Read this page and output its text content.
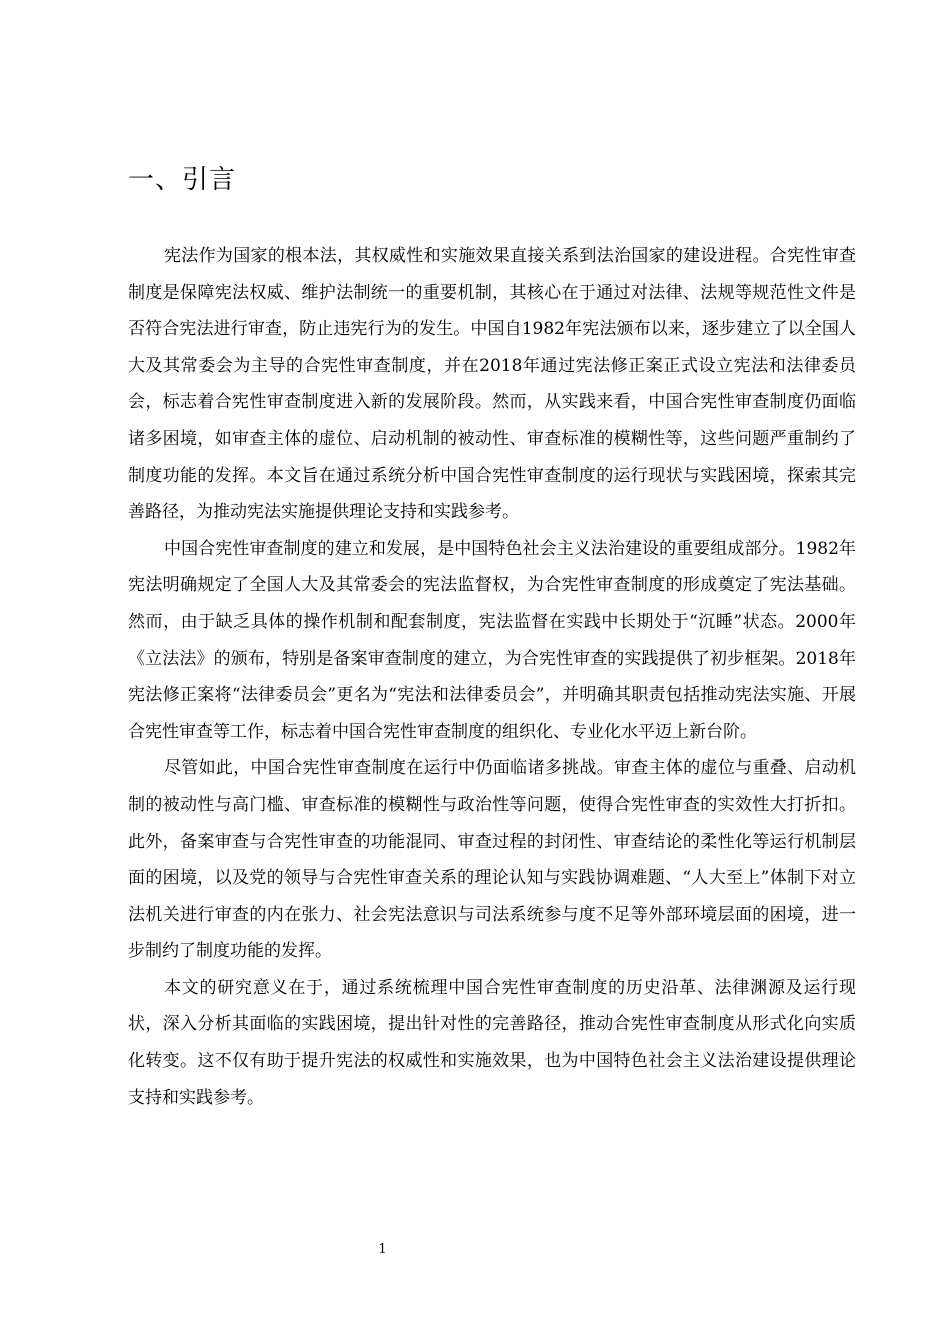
一、引言

宪法作为国家的根本法，其权威性和实施效果直接关系到法治国家的建设进程。合宪性审查制度是保障宪法权威、维护法制统一的重要机制，其核心在于通过对法律、法规等规范性文件是否符合宪法进行审查，防止违宪行为的发生。中国自1982年宪法颁布以来，逐步建立了以全国人大及其常委会为主导的合宪性审查制度，并在2018年通过宪法修正案正式设立宪法和法律委员会，标志着合宪性审查制度进入新的发展阶段。然而，从实践来看，中国合宪性审查制度仍面临诸多困境，如审查主体的虚位、启动机制的被动性、审查标准的模糊性等，这些问题严重制约了制度功能的发挥。本文旨在通过系统分析中国合宪性审查制度的运行现状与实践困境，探索其完善路径，为推动宪法实施提供理论支持和实践参考。

中国合宪性审查制度的建立和发展，是中国特色社会主义法治建设的重要组成部分。1982年宪法明确规定了全国人大及其常委会的宪法监督权，为合宪性审查制度的形成奠定了宪法基础。然而，由于缺乏具体的操作机制和配套制度，宪法监督在实践中长期处于“沉睡”状态。2000年《立法法》的颁布，特别是备案审查制度的建立，为合宪性审查的实践提供了初步框架。2018年宪法修正案将“法律委员会”更名为“宪法和法律委员会”，并明确其职责包括推动宪法实施、开展合宪性审查等工作，标志着中国合宪性审查制度的组织化、专业化水平迈上新台阶。

尽管如此，中国合宪性审查制度在运行中仍面临诸多挑战。审查主体的虚位与重叠、启动机制的被动性与高门槛、审查标准的模糊性与政治性等问题，使得合宪性审查的实效性大打折扣。此外，备案审查与合宪性审查的功能混同、审查过程的封闭性、审查结论的柔性化等运行机制层面的困境，以及党的领导与合宪性审查关系的理论认知与实践协调难题、“人大至上”体制下对立法机关进行审查的内在张力、社会宪法意识与司法系统参与度不足等外部环境层面的困境，进一步制约了制度功能的发挥。

本文的研究意义在于，通过系统梳理中国合宪性审查制度的历史沿革、法律渊源及运行现状，深入分析其面临的实践困境，提出针对性的完善路径，推动合宪性审查制度从形式化向实质化转变。这不仅有助于提升宪法的权威性和实施效果，也为中国特色社会主义法治建设提供理论支持和实践参考。

1
